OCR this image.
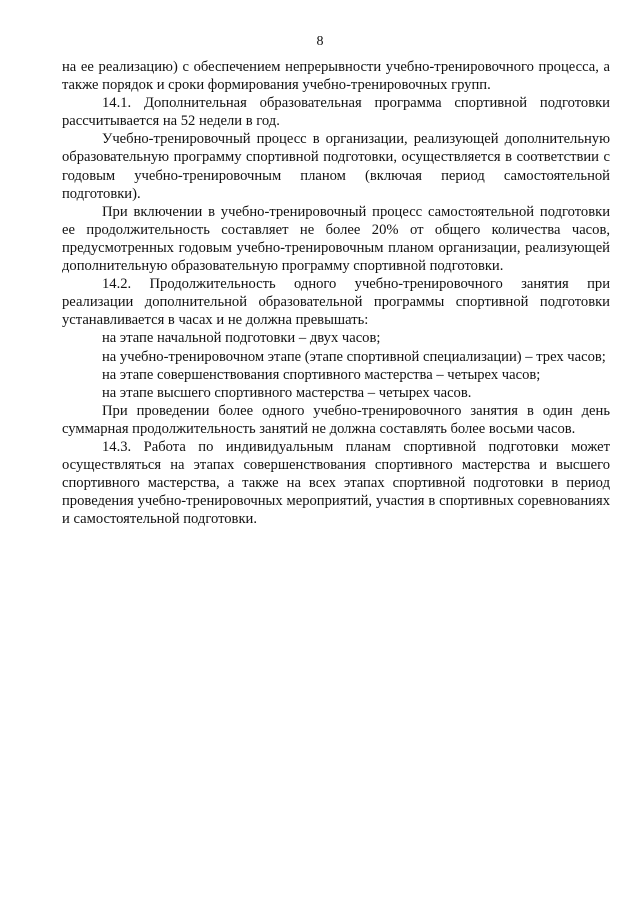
8

на ее реализацию) с обеспечением непрерывности учебно-тренировочного процесса, а также порядок и сроки формирования учебно-тренировочных групп.

14.1. Дополнительная образовательная программа спортивной подготовки рассчитывается на 52 недели в год.

Учебно-тренировочный процесс в организации, реализующей дополнительную образовательную программу спортивной подготовки, осуществляется в соответствии с годовым учебно-тренировочным планом (включая период самостоятельной подготовки).

При включении в учебно-тренировочный процесс самостоятельной подготовки ее продолжительность составляет не более 20% от общего количества часов, предусмотренных годовым учебно-тренировочным планом организации, реализующей дополнительную образовательную программу спортивной подготовки.

14.2. Продолжительность одного учебно-тренировочного занятия при реализации дополнительной образовательной программы спортивной подготовки устанавливается в часах и не должна превышать:

на этапе начальной подготовки – двух часов;

на учебно-тренировочном этапе (этапе спортивной специализации) – трех часов;

на этапе совершенствования спортивного мастерства – четырех часов;

на этапе высшего спортивного мастерства – четырех часов.

При проведении более одного учебно-тренировочного занятия в один день суммарная продолжительность занятий не должна составлять более восьми часов.

14.3. Работа по индивидуальным планам спортивной подготовки может осуществляться на этапах совершенствования спортивного мастерства и высшего спортивного мастерства, а также на всех этапах спортивной подготовки в период проведения учебно-тренировочных мероприятий, участия в спортивных соревнованиях и самостоятельной подготовки.
